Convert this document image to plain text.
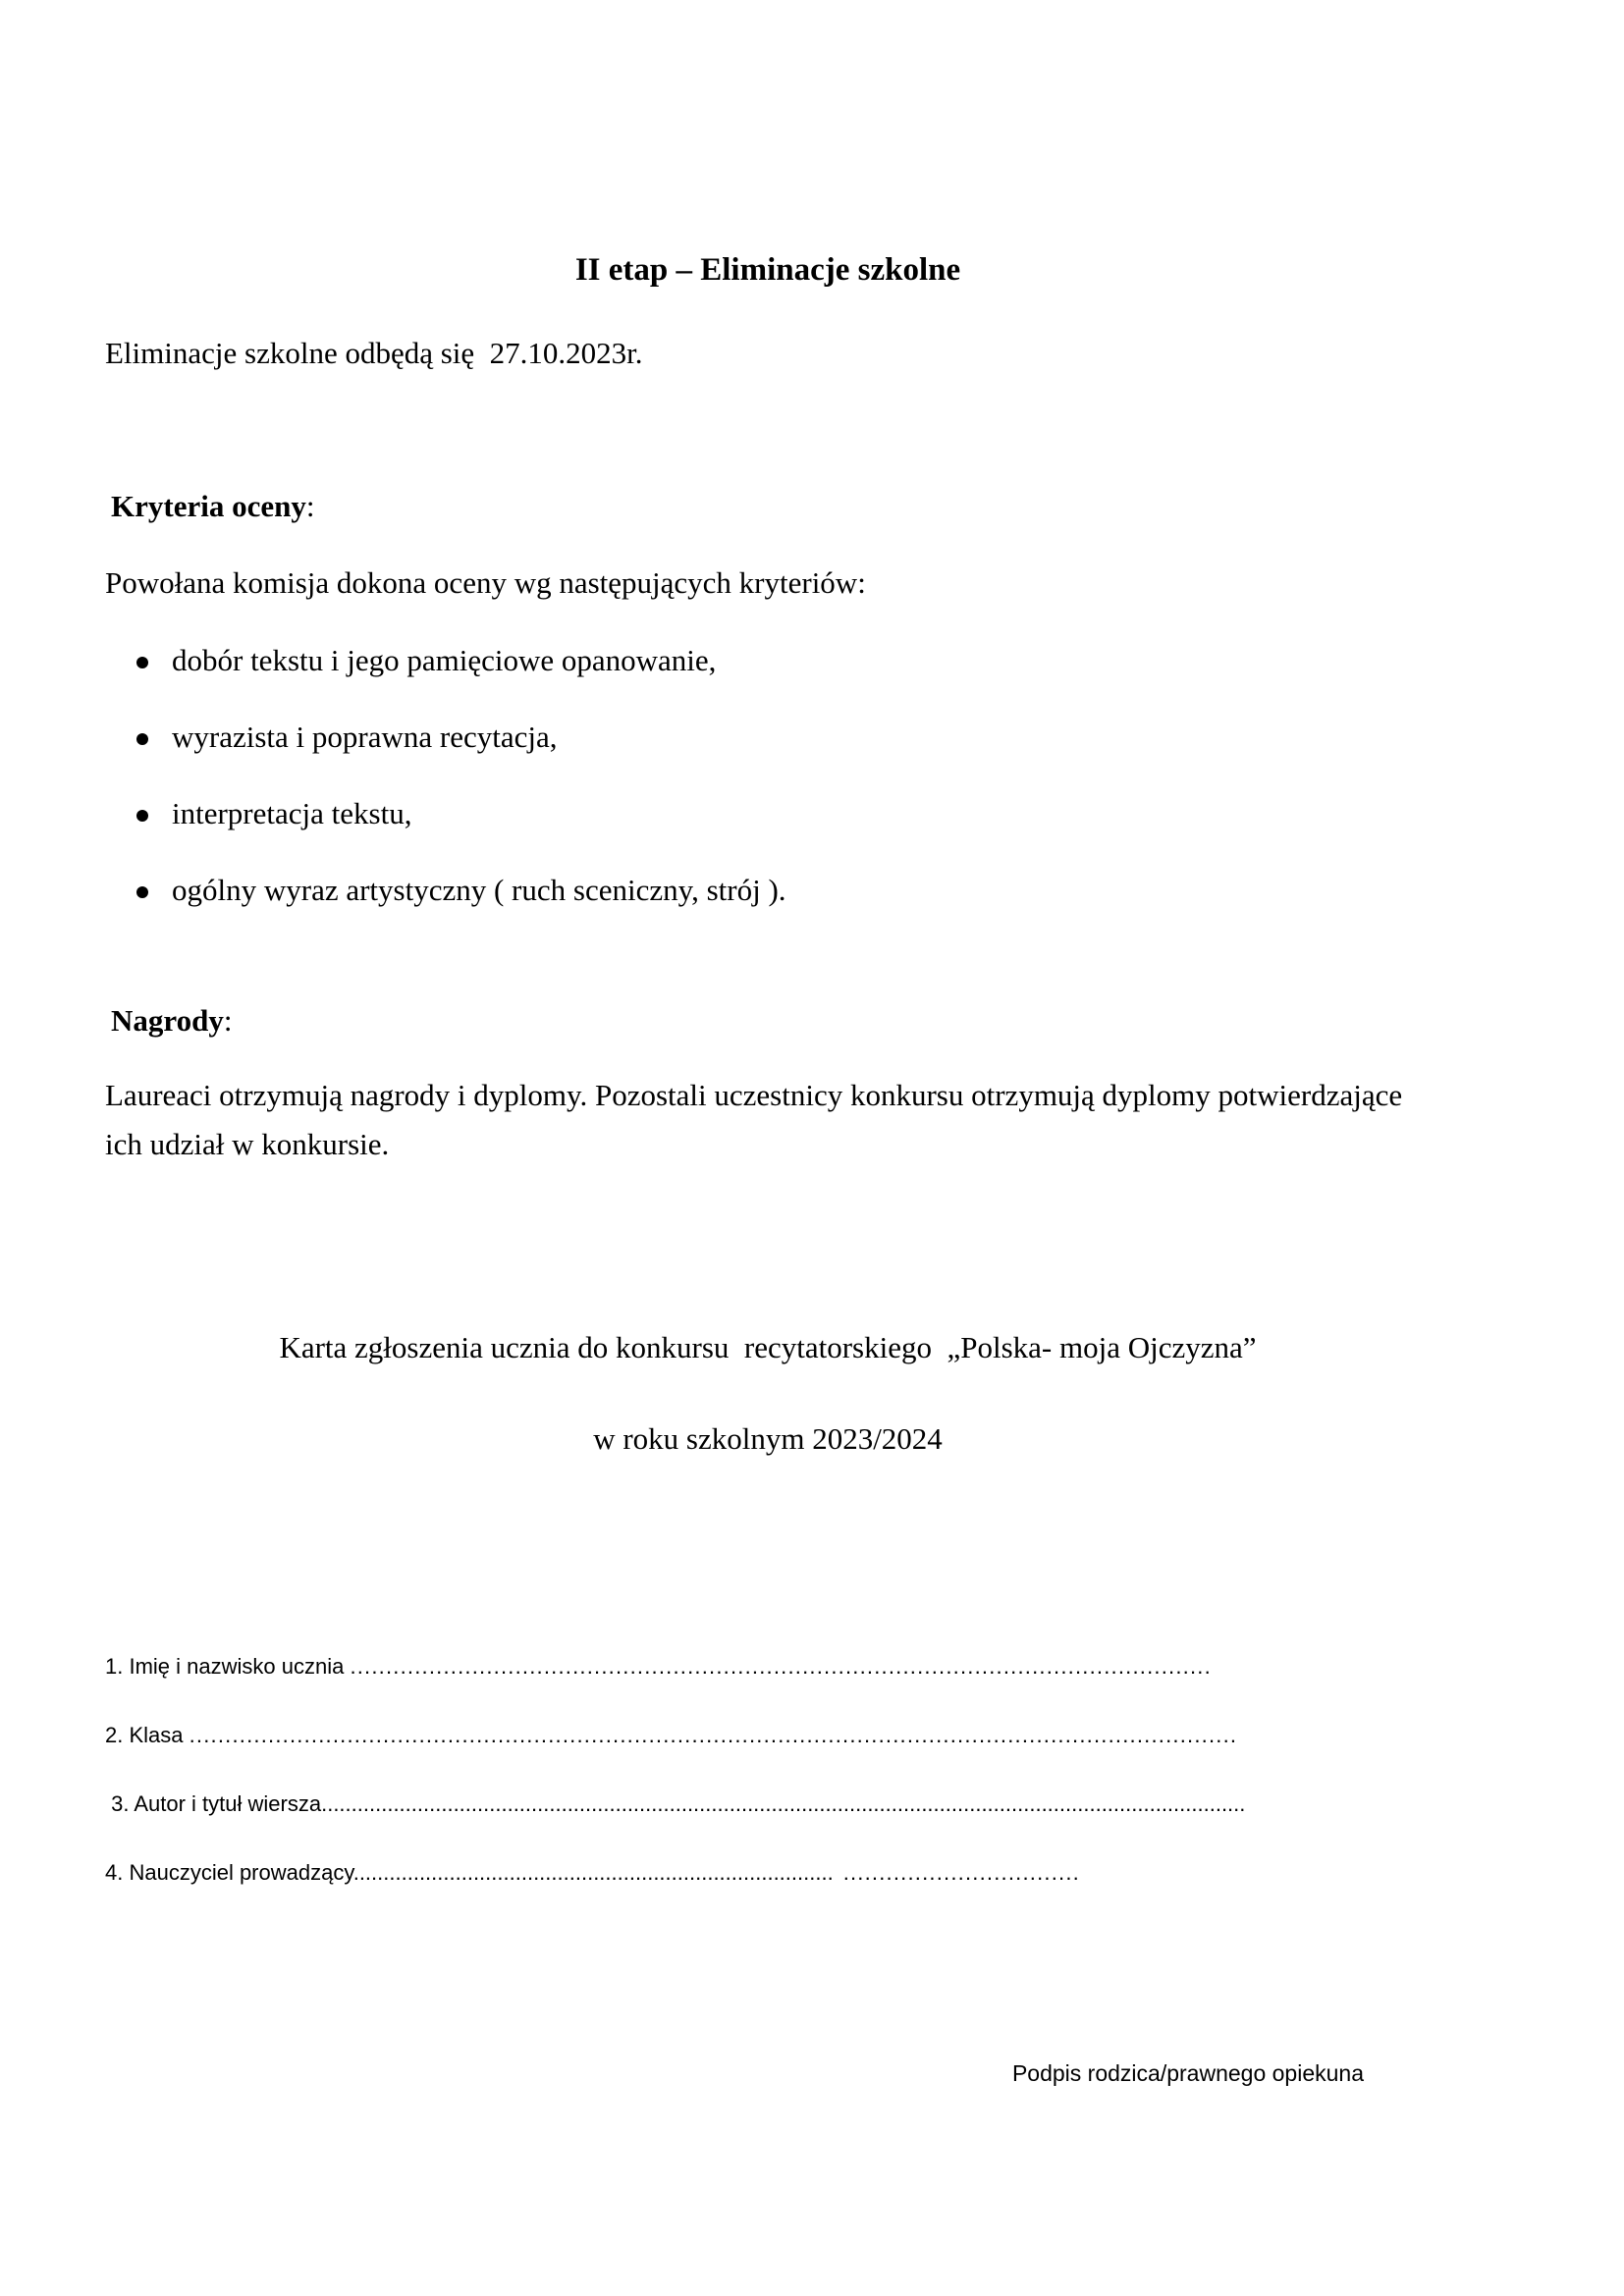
II etap – Eliminacje szkolne

Eliminacje szkolne odbędą się  27.10.2023r.

Kryteria oceny:

Powołana komisja dokona oceny wg następujących kryteriów:

dobór tekstu i jego pamięciowe opanowanie,
wyrazista i poprawna recytacja,
interpretacja tekstu,
ogólny wyraz artystyczny ( ruch sceniczny, strój ).
Nagrody:

Laureaci otrzymują nagrody i dyplomy. Pozostali uczestnicy konkursu otrzymują dyplomy potwierdzające ich udział w konkursie.

Karta zgłoszenia ucznia do konkursu  recytatorskiego  „Polska- moja Ojczyzna”

w roku szkolnym 2023/2024

1. Imię i nazwisko ucznia ........................................................................................................................

2. Klasa ..................................................................................................................................................

3. Autor i tytuł wiersza..........................................................................................................................................................

4. Nauczyciel prowadzący................................................................................ .................................

Podpis rodzica/prawnego opiekuna
